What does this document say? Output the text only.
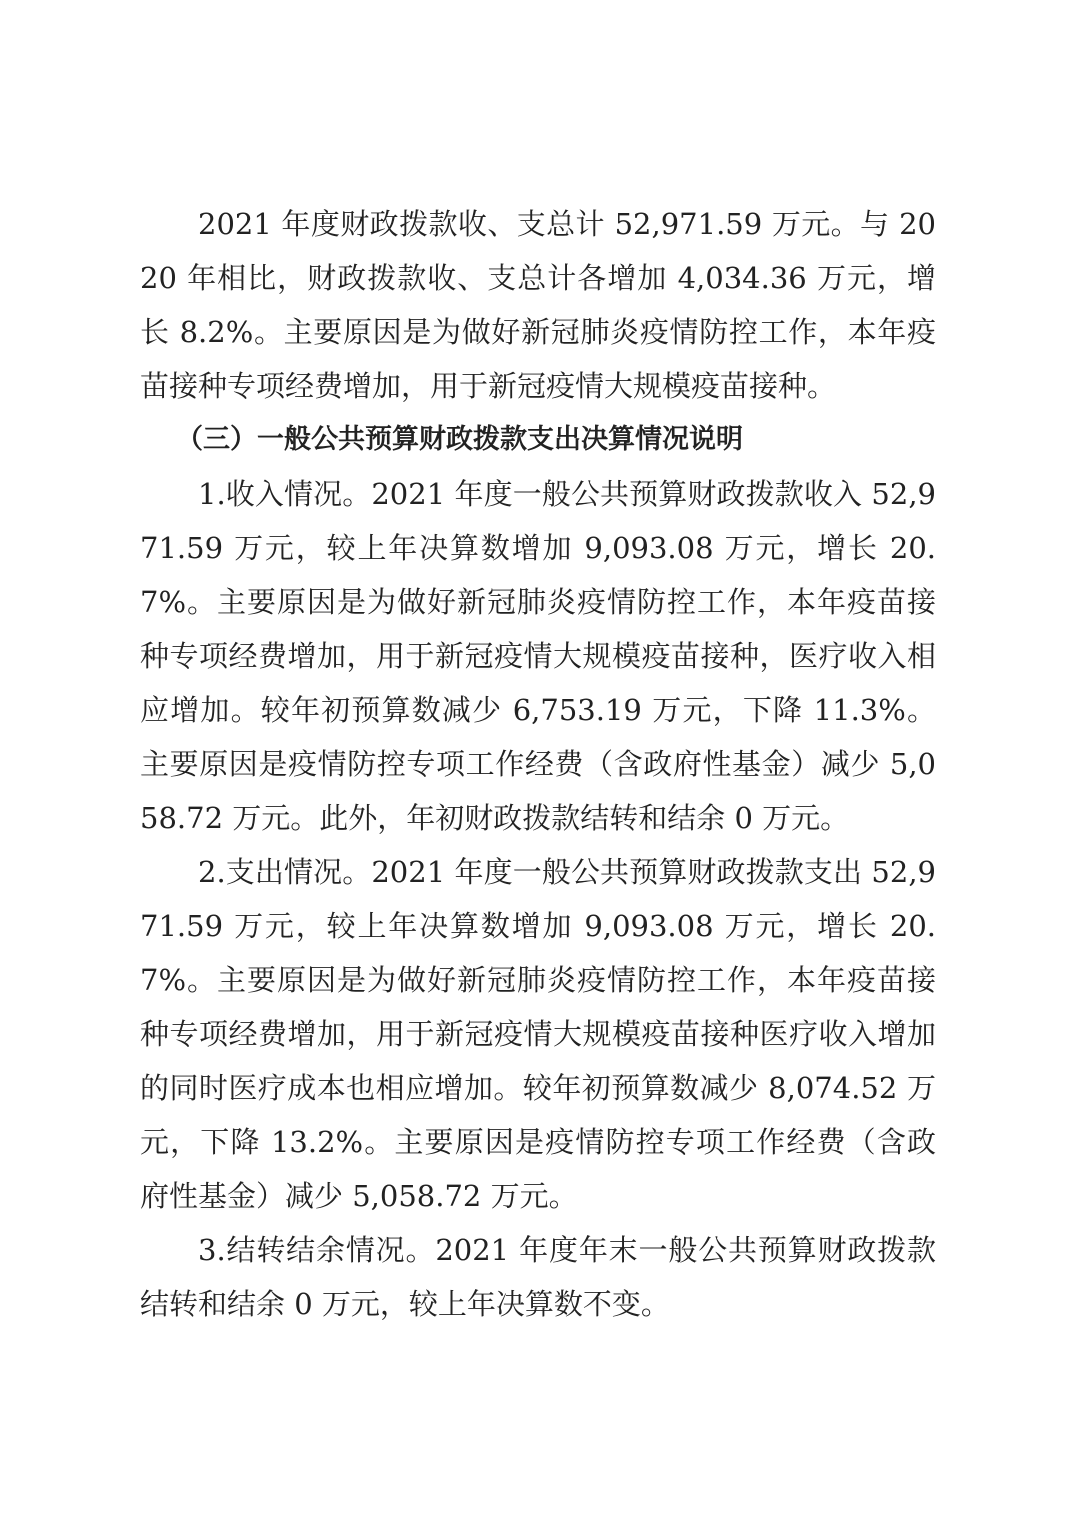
2021 年度财政拨款收、支总计 52,971.59 万元。与 2020 年相比，财政拨款收、支总计各增加 4,034.36 万元，增长 8.2%。主要原因是为做好新冠肺炎疫情防控工作，本年疫苗接种专项经费增加，用于新冠疫情大规模疫苗接种。

（三）一般公共预算财政拨款支出决算情况说明

1.收入情况。2021 年度一般公共预算财政拨款收入 52,971.59 万元，较上年决算数增加 9,093.08 万元，增长 20.7%。主要原因是为做好新冠肺炎疫情防控工作，本年疫苗接种专项经费增加，用于新冠疫情大规模疫苗接种，医疗收入相应增加。较年初预算数减少 6,753.19 万元，下降 11.3%。主要原因是疫情防控专项工作经费（含政府性基金）减少 5,058.72 万元。此外，年初财政拨款结转和结余 0 万元。

2.支出情况。2021 年度一般公共预算财政拨款支出 52,971.59 万元，较上年决算数增加 9,093.08 万元，增长 20.7%。主要原因是为做好新冠肺炎疫情防控工作，本年疫苗接种专项经费增加，用于新冠疫情大规模疫苗接种医疗收入增加的同时医疗成本也相应增加。较年初预算数减少 8,074.52 万元，下降 13.2%。主要原因是疫情防控专项工作经费（含政府性基金）减少 5,058.72 万元。

3.结转结余情况。2021 年度年末一般公共预算财政拨款结转和结余 0 万元，较上年决算数不变。
